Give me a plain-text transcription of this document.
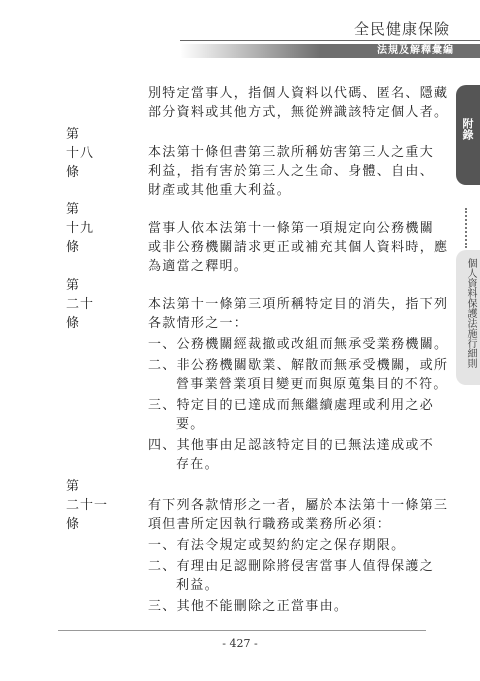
全民健康保險
法規及解釋彙編
附錄
個人資料保護法施行細則
別特定當事人，指個人資料以代碼、匿名、隱藏
部分資料或其他方式，無從辨識該特定個人者。
第十八條
本法第十條但書第三款所稱妨害第三人之重大
利益，指有害於第三人之生命、身體、自由、
財產或其他重大利益。
第十九條
當事人依本法第十一條第一項規定向公務機關
或非公務機關請求更正或補充其個人資料時，應
為適當之釋明。
第二十條
本法第十一條第三項所稱特定目的消失，指下列
各款情形之一：
一、公務機關經裁撤或改組而無承受業務機關。
二、非公務機關歇業、解散而無承受機關，或所
營事業營業項目變更而與原蒐集目的不符。
三、特定目的已達成而無繼續處理或利用之必
要。
四、其他事由足認該特定目的已無法達成或不
存在。
第二十一條
有下列各款情形之一者，屬於本法第十一條第三
項但書所定因執行職務或業務所必須：
一、有法令規定或契約約定之保存期限。
二、有理由足認刪除將侵害當事人值得保護之
利益。
三、其他不能刪除之正當事由。
- 427 -
